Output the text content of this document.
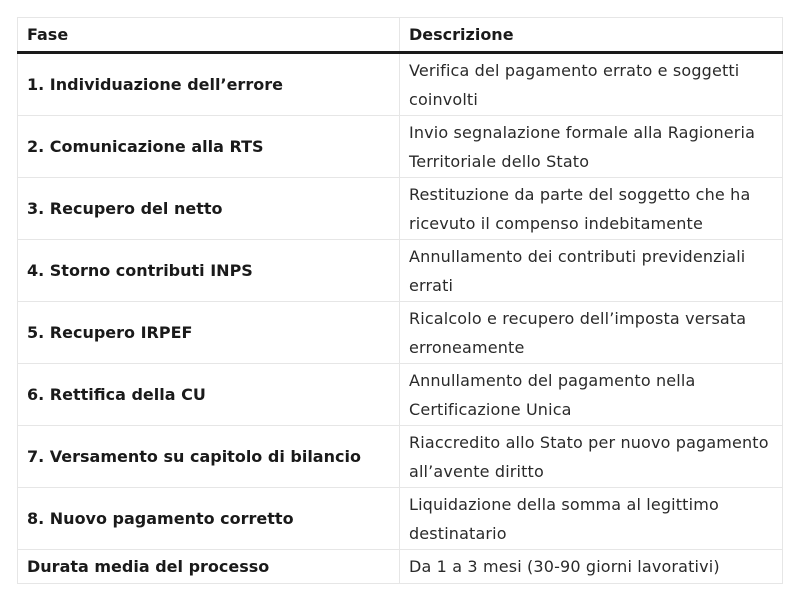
Fase	Descrizione
1. Individuazione dell’errore	Verifica del pagamento errato e soggetti coinvolti
2. Comunicazione alla RTS	Invio segnalazione formale alla Ragioneria Territoriale dello Stato
3. Recupero del netto	Restituzione da parte del soggetto che ha ricevuto il compenso indebitamente
4. Storno contributi INPS	Annullamento dei contributi previdenziali errati
5. Recupero IRPEF	Ricalcolo e recupero dell’imposta versata erroneamente
6. Rettifica della CU	Annullamento del pagamento nella Certificazione Unica
7. Versamento su capitolo di bilancio	Riaccredito allo Stato per nuovo pagamento all’avente diritto
8. Nuovo pagamento corretto	Liquidazione della somma al legittimo destinatario
Durata media del processo	Da 1 a 3 mesi (30-90 giorni lavorativi)
